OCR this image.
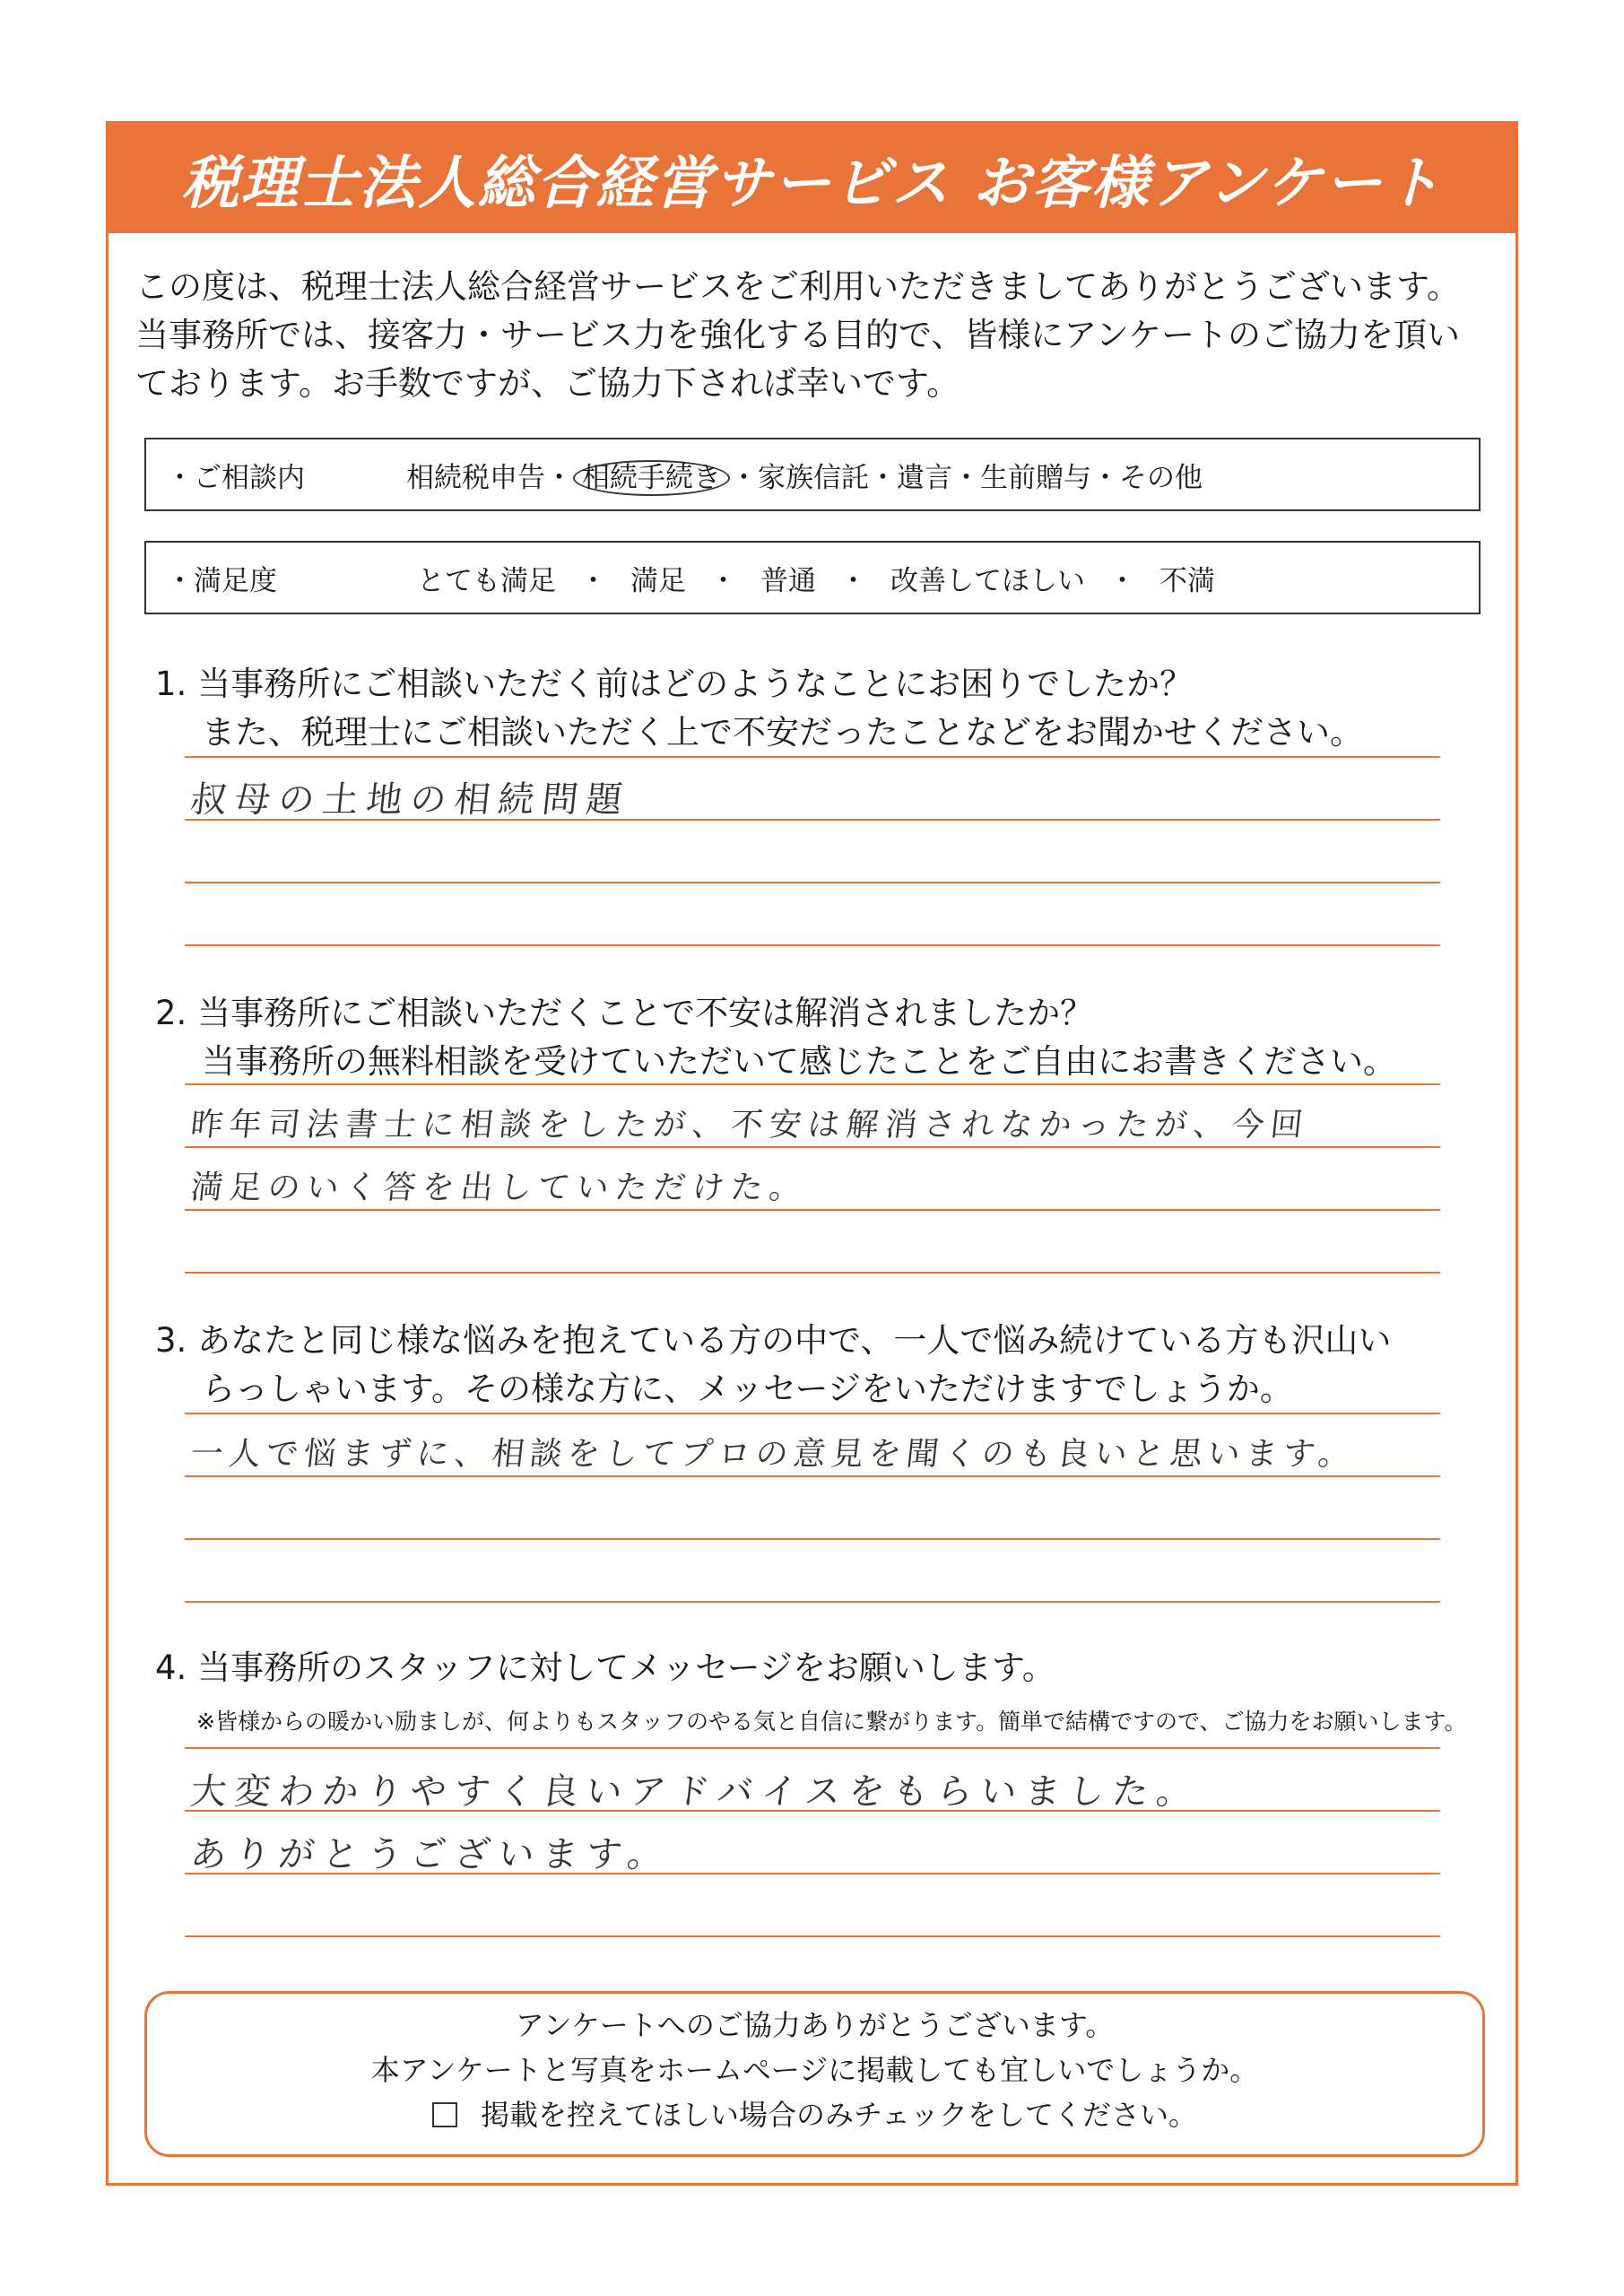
税理士法人総合経営サービス お客様アンケート
この度は、税理士法人総合経営サービスをご利用いただきましてありがとうございます。
当事務所では、接客力・サービス力を強化する目的で、皆様にアンケートのご協力を頂い
ております。お手数ですが、ご協力下されば幸いです。
・ご相談内	相続税申告・ 相続手続き ・家族信託・遺言・生前贈与・その他
・満足度	とても満足 ・ 満足 ・ 普通 ・ 改善してほしい ・ 不満
1. 当事務所にご相談いただく前はどのようなことにお困りでしたか？
また、税理士にご相談いただく上で不安だったことなどをお聞かせください。
叔母の土地の相続問題
2. 当事務所にご相談いただくことで不安は解消されましたか？
当事務所の無料相談を受けていただいて感じたことをご自由にお書きください。
昨年司法書士に相談をしたが、不安は解消されなかったが、今回
満足のいく答を出していただけた。
3. あなたと同じ様な悩みを抱えている方の中で、一人で悩み続けている方も沢山い
らっしゃいます。その様な方に、メッセージをいただけますでしょうか。
一人で悩まずに、相談をしてプロの意見を聞くのも良いと思います。
4. 当事務所のスタッフに対してメッセージをお願いします。
※皆様からの暖かい励ましが、何よりもスタッフのやる気と自信に繋がります。簡単で結構ですので、ご協力をお願いします。
大変わかりやすく良いアドバイスをもらいました。
ありがとうございます。
アンケートへのご協力ありがとうございます。
本アンケートと写真をホームページに掲載しても宜しいでしょうか。
掲載を控えてほしい場合のみチェックをしてください。
